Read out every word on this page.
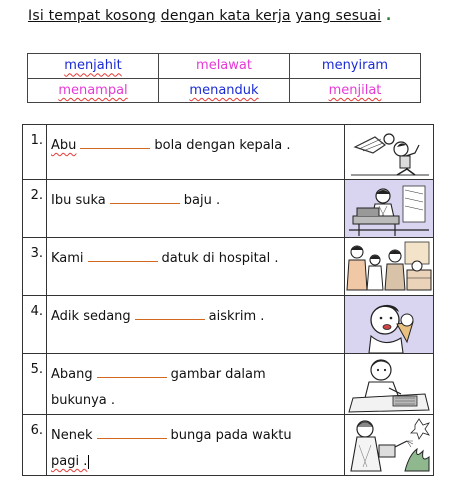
Isi tempat kosong dengan kata kerja yang sesuai .
menjahit	melawat	menyiram
menampal	menanduk	menjilat
1.	Abu bola dengan kepala .	

2.	Ibu suka baju .	

3.	Kami datuk di hospital .	

4.	Adik sedang aiskrim .	

5.	Abang gambar dalam
bukunya .	

6.	Nenek bunga pada waktu
pagi .	
